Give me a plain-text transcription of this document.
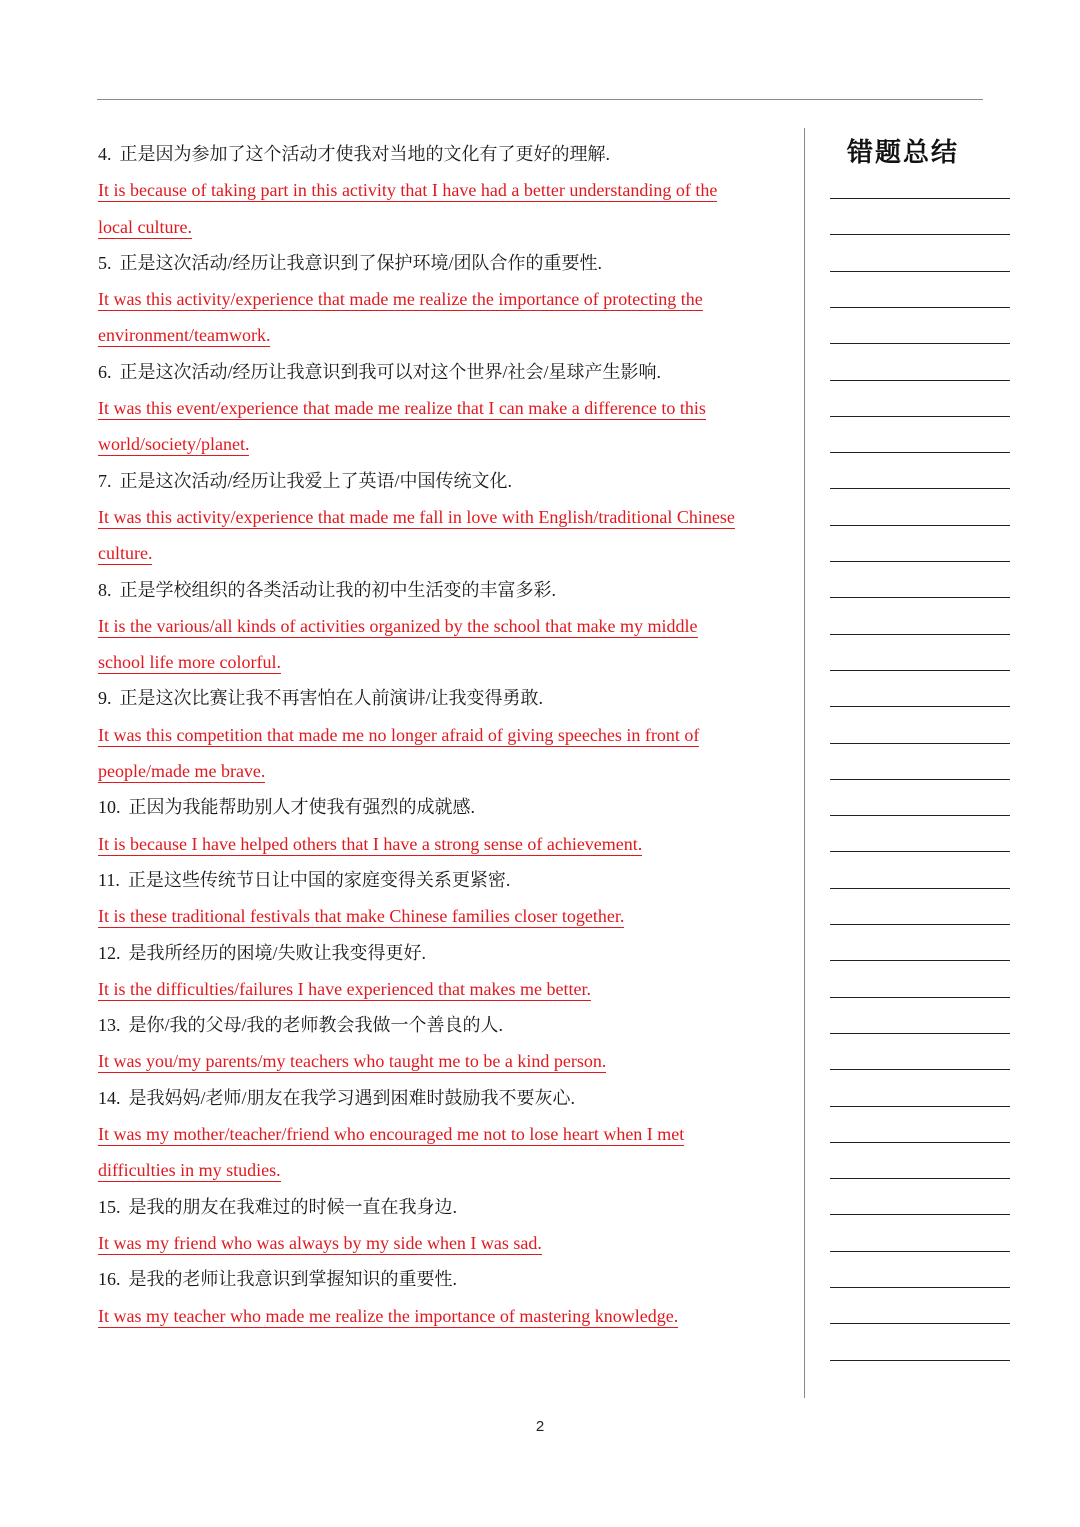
4. 正是因为参加了这个活动才使我对当地的文化有了更好的理解.
It is because of taking part in this activity that I have had a better understanding of the
local culture.
5. 正是这次活动/经历让我意识到了保护环境/团队合作的重要性.
It was this activity/experience that made me realize the importance of protecting the
environment/teamwork.
6. 正是这次活动/经历让我意识到我可以对这个世界/社会/星球产生影响.
It was this event/experience that made me realize that I can make a difference to this
world/society/planet.
7. 正是这次活动/经历让我爱上了英语/中国传统文化.
It was this activity/experience that made me fall in love with English/traditional Chinese
culture.
8. 正是学校组织的各类活动让我的初中生活变的丰富多彩.
It is the various/all kinds of activities organized by the school that make my middle
school life more colorful.
9. 正是这次比赛让我不再害怕在人前演讲/让我变得勇敢.
It was this competition that made me no longer afraid of giving speeches in front of
people/made me brave.
10. 正因为我能帮助别人才使我有强烈的成就感.
It is because I have helped others that I have a strong sense of achievement.
11. 正是这些传统节日让中国的家庭变得关系更紧密.
It is these traditional festivals that make Chinese families closer together.
12. 是我所经历的困境/失败让我变得更好.
It is the difficulties/failures I have experienced that makes me better.
13. 是你/我的父母/我的老师教会我做一个善良的人.
It was you/my parents/my teachers who taught me to be a kind person.
14. 是我妈妈/老师/朋友在我学习遇到困难时鼓励我不要灰心.
It was my mother/teacher/friend who encouraged me not to lose heart when I met
difficulties in my studies.
15. 是我的朋友在我难过的时候一直在我身边.
It was my friend who was always by my side when I was sad.
16. 是我的老师让我意识到掌握知识的重要性.
It was my teacher who made me realize the importance of mastering knowledge.
错题总结
2
